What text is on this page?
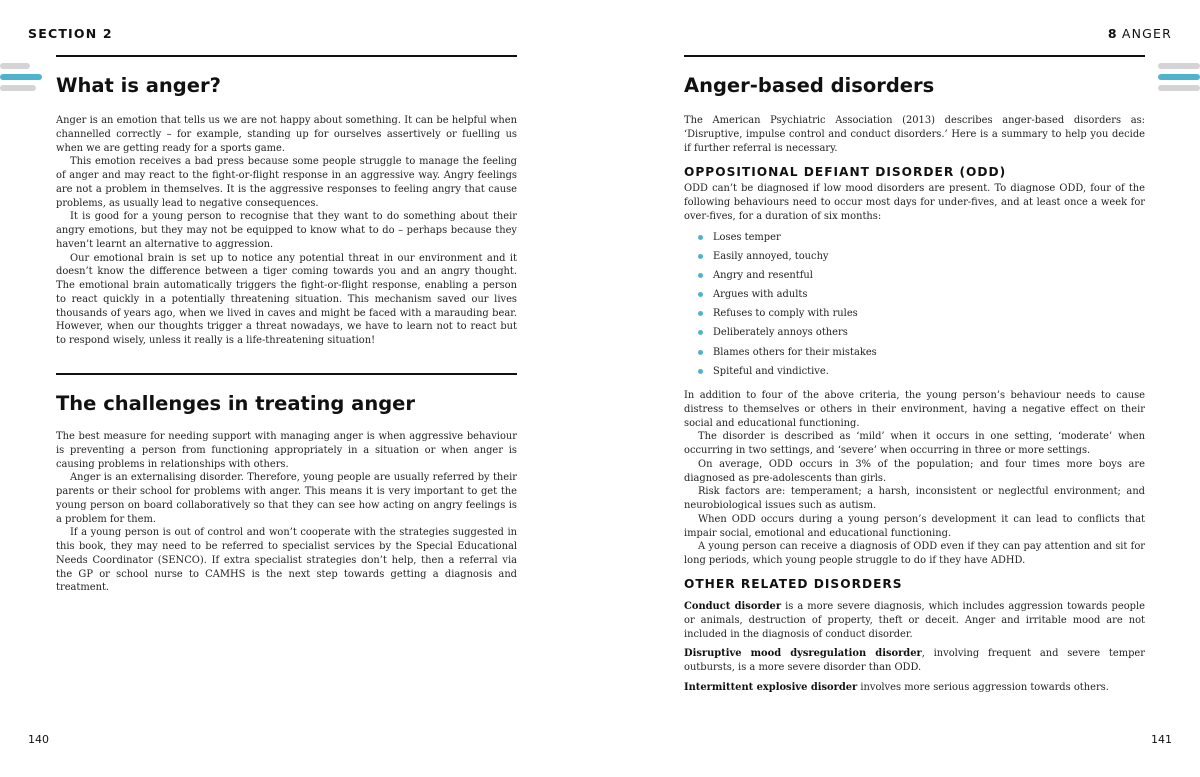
SECTION 2
What is anger?

Anger is an emotion that tells us we are not happy about something. It can be helpful when channelled correctly – for example, standing up for ourselves assertively or fuelling us when we are getting ready for a sports game.

This emotion receives a bad press because some people struggle to manage the feeling of anger and may react to the fight-or-flight response in an aggressive way. Angry feelings are not a problem in themselves. It is the aggressive responses to feeling angry that cause problems, as usually lead to negative consequences.

It is good for a young person to recognise that they want to do something about their angry emotions, but they may not be equipped to know what to do – perhaps because they haven’t learnt an alternative to aggression.

Our emotional brain is set up to notice any potential threat in our environment and it doesn’t know the difference between a tiger coming towards you and an angry thought. The emotional brain automatically triggers the fight-or-flight response, enabling a person to react quickly in a potentially threatening situation. This mechanism saved our lives thousands of years ago, when we lived in caves and might be faced with a marauding bear. However, when our thoughts trigger a threat nowadays, we have to learn not to react but to respond wisely, unless it really is a life-threatening situation!

The challenges in treating anger

The best measure for needing support with managing anger is when aggressive behaviour is preventing a person from functioning appropriately in a situation or when anger is causing problems in relationships with others.

Anger is an externalising disorder. Therefore, young people are usually referred by their parents or their school for problems with anger. This means it is very important to get the young person on board collaboratively so that they can see how acting on angry feelings is a problem for them.

If a young person is out of control and won’t cooperate with the strategies suggested in this book, they may need to be referred to specialist services by the Special Educational Needs Coordinator (SENCO). If extra specialist strategies don’t help, then a referral via the GP or school nurse to CAMHS is the next step towards getting a diagnosis and treatment.

140
8 ANGER
Anger-based disorders

The American Psychiatric Association (2013) describes anger-based disorders as: ‘Disruptive, impulse control and conduct disorders.’ Here is a summary to help you decide if further referral is necessary.

OPPOSITIONAL DEFIANT DISORDER (ODD)

ODD can’t be diagnosed if low mood disorders are present. To diagnose ODD, four of the following behaviours need to occur most days for under-fives, and at least once a week for over-fives, for a duration of six months:

Loses temper
Easily annoyed, touchy
Angry and resentful
Argues with adults
Refuses to comply with rules
Deliberately annoys others
Blames others for their mistakes
Spiteful and vindictive.

In addition to four of the above criteria, the young person’s behaviour needs to cause distress to themselves or others in their environment, having a negative effect on their social and educational functioning.

The disorder is described as ‘mild’ when it occurs in one setting, ‘moderate’ when occurring in two settings, and ‘severe’ when occurring in three or more settings.

On average, ODD occurs in 3% of the population; and four times more boys are diagnosed as pre-adolescents than girls.

Risk factors are: temperament; a harsh, inconsistent or neglectful environment; and neurobiological issues such as autism.

When ODD occurs during a young person’s development it can lead to conflicts that impair social, emotional and educational functioning.

A young person can receive a diagnosis of ODD even if they can pay attention and sit for long periods, which young people struggle to do if they have ADHD.

OTHER RELATED DISORDERS

Conduct disorder is a more severe diagnosis, which includes aggression towards people or animals, destruction of property, theft or deceit. Anger and irritable mood are not included in the diagnosis of conduct disorder.

Disruptive mood dysregulation disorder, involving frequent and severe temper outbursts, is a more severe disorder than ODD.

Intermittent explosive disorder involves more serious aggression towards others.

141
